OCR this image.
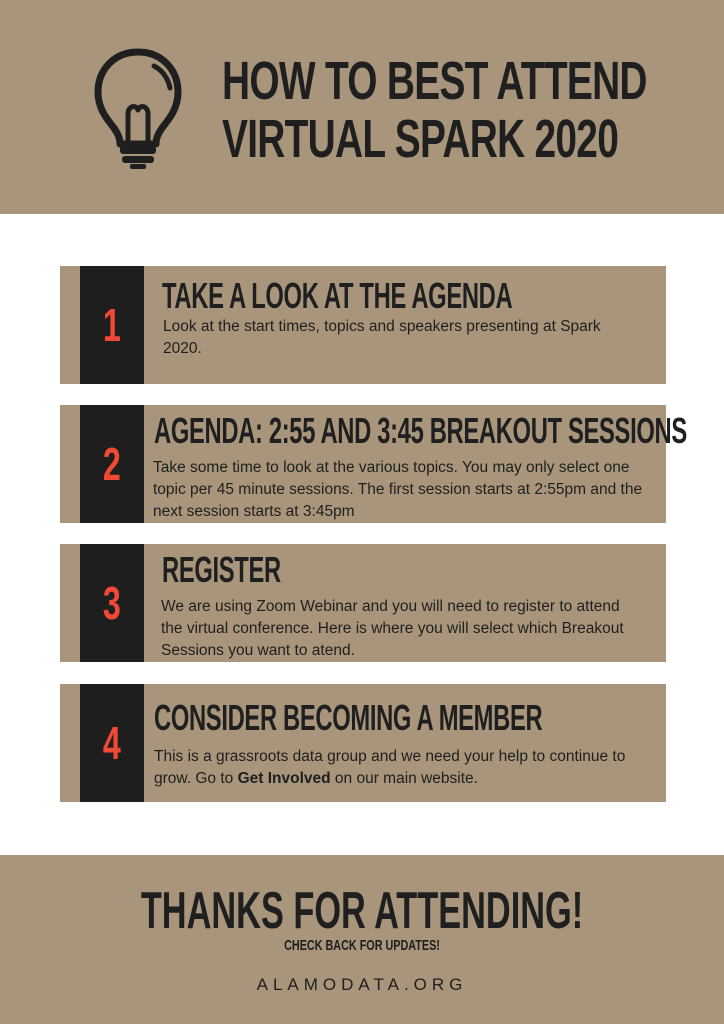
HOW TO BEST ATTEND
VIRTUAL SPARK 2020
1
TAKE A LOOK AT THE AGENDA
Look at the start times, topics and speakers presenting at Spark 2020.
2
AGENDA: 2:55 AND 3:45 BREAKOUT SESSIONS
Take some time to look at the various topics. You may only select one topic per 45 minute sessions. The first session starts at 2:55pm and the next session starts at 3:45pm
3
REGISTER
We are using Zoom Webinar and you will need to register to attend the virtual conference. Here is where you will select which Breakout Sessions you want to atend.
4 CONSIDER BECOMING A MEMBER
This is a grassroots data group and we need your help to continue to grow. Go to Get Involved on our main website.
THANKS FOR ATTENDING!
CHECK BACK FOR UPDATES!
ALAMODATA.ORG
